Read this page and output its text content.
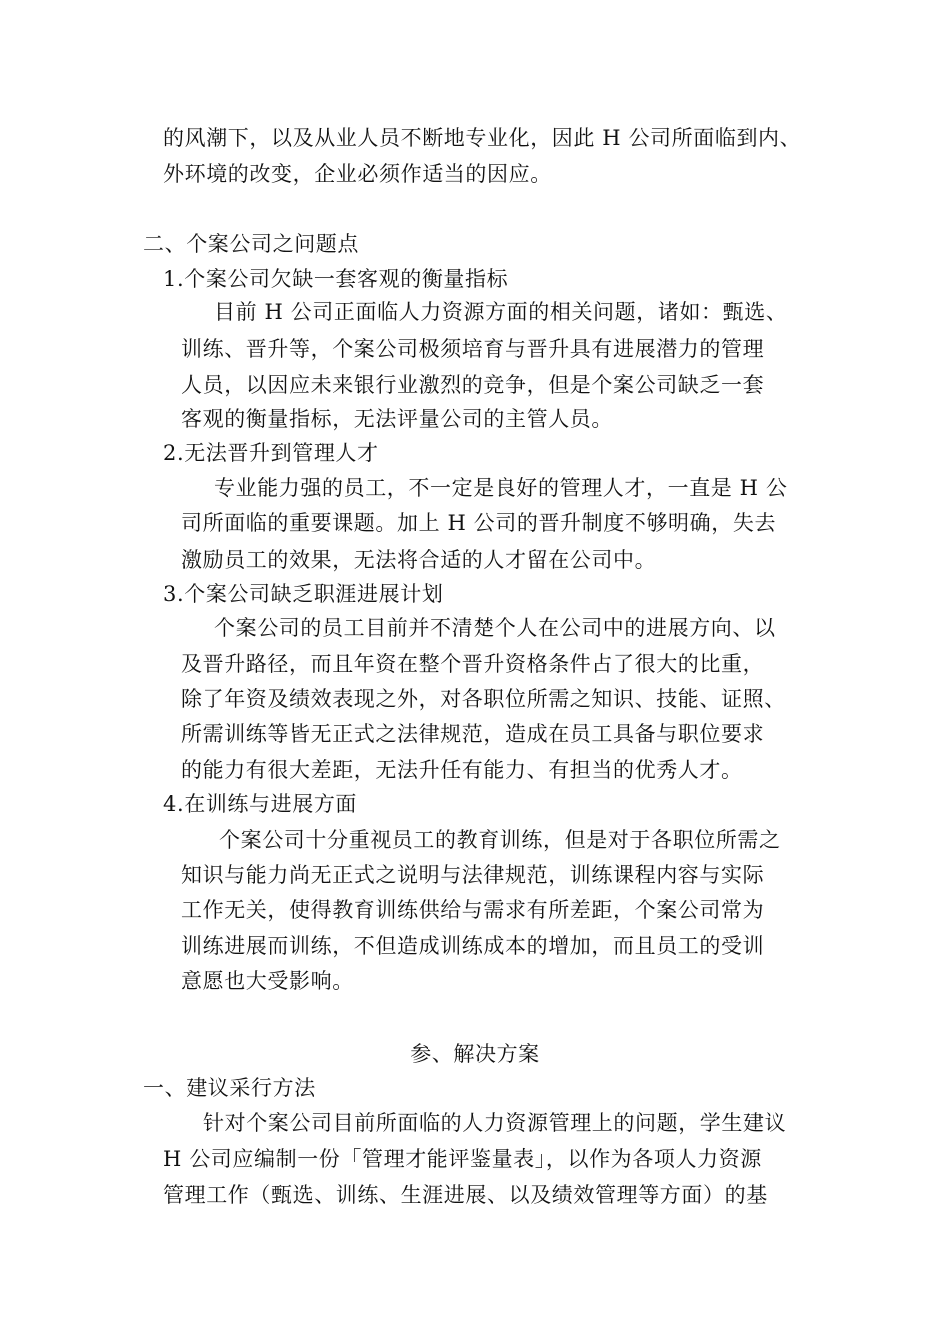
的风潮下，以及从业人员不断地专业化，因此 H 公司所面临到内、
外环境的改变，企业必须作适当的因应。
二、个案公司之问题点
1.个案公司欠缺一套客观的衡量指标
目前 H 公司正面临人力资源方面的相关问题，诸如：甄选、
训练、晋升等，个案公司极须培育与晋升具有进展潜力的管理
人员，以因应未来银行业激烈的竞争，但是个案公司缺乏一套
客观的衡量指标，无法评量公司的主管人员。
2.无法晋升到管理人才
专业能力强的员工，不一定是良好的管理人才，一直是 H 公
司所面临的重要课题。加上 H 公司的晋升制度不够明确，失去
激励员工的效果，无法将合适的人才留在公司中。
3.个案公司缺乏职涯进展计划
个案公司的员工目前并不清楚个人在公司中的进展方向、以
及晋升路径，而且年资在整个晋升资格条件占了很大的比重，
除了年资及绩效表现之外，对各职位所需之知识、技能、证照、
所需训练等皆无正式之法律规范，造成在员工具备与职位要求
的能力有很大差距，无法升任有能力、有担当的优秀人才。
4.在训练与进展方面
个案公司十分重视员工的教育训练，但是对于各职位所需之
知识与能力尚无正式之说明与法律规范，训练课程内容与实际
工作无关，使得教育训练供给与需求有所差距，个案公司常为
训练进展而训练，不但造成训练成本的增加，而且员工的受训
意愿也大受影响。
参、解决方案
一、建议采行方法
针对个案公司目前所面临的人力资源管理上的问题，学生建议
H 公司应编制一份「管理才能评鉴量表」，以作为各项人力资源
管理工作（甄选、训练、生涯进展、以及绩效管理等方面）的基
